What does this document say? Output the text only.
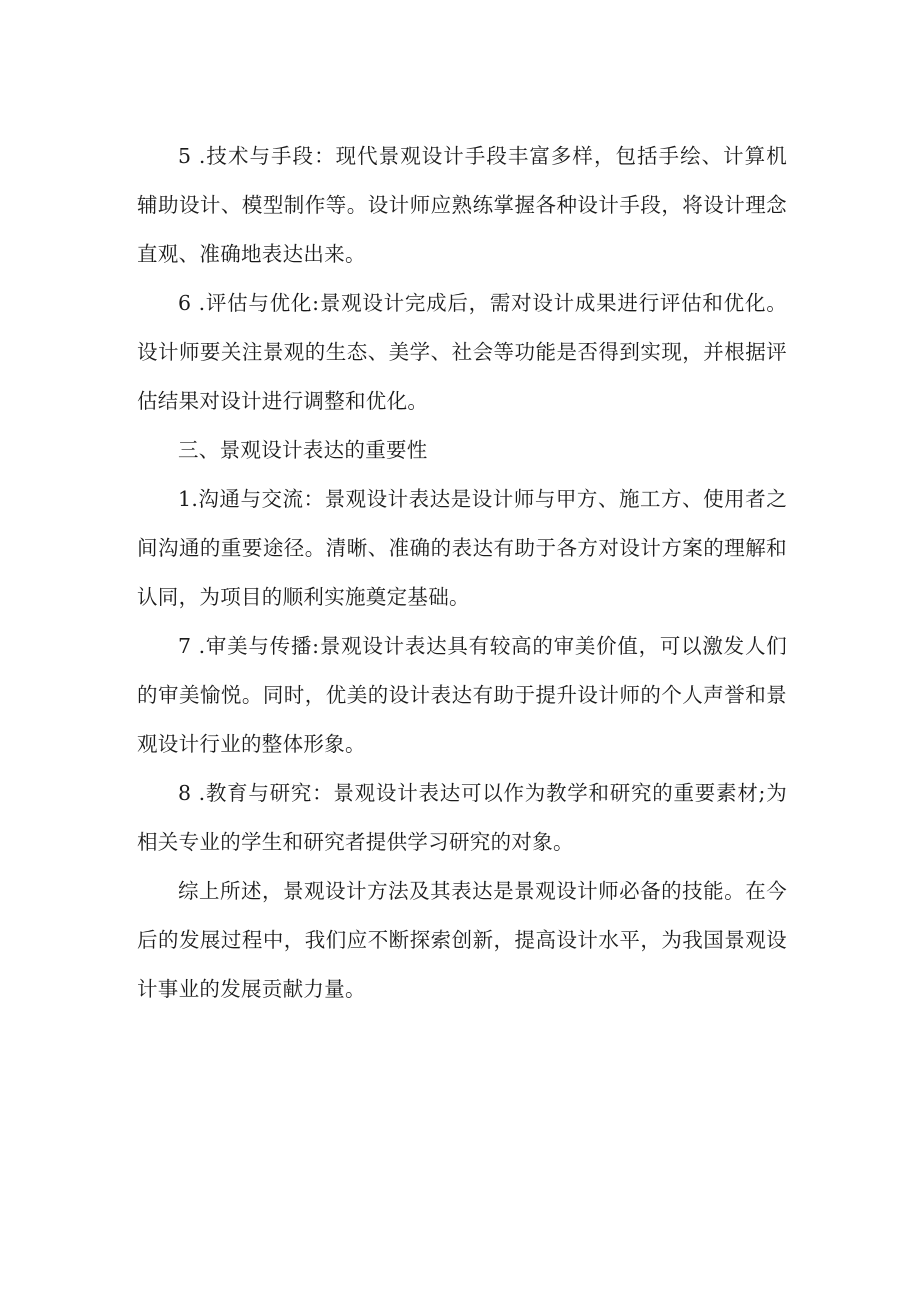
5 .技术与手段：现代景观设计手段丰富多样，包括手绘、计算机辅助设计、模型制作等。设计师应熟练掌握各种设计手段，将设计理念直观、准确地表达出来。

6 .评估与优化:景观设计完成后，需对设计成果进行评估和优化。设计师要关注景观的生态、美学、社会等功能是否得到实现，并根据评估结果对设计进行调整和优化。

三、景观设计表达的重要性

1.沟通与交流：景观设计表达是设计师与甲方、施工方、使用者之间沟通的重要途径。清晰、准确的表达有助于各方对设计方案的理解和认同，为项目的顺利实施奠定基础。

7 .审美与传播:景观设计表达具有较高的审美价值，可以激发人们的审美愉悦。同时，优美的设计表达有助于提升设计师的个人声誉和景观设计行业的整体形象。

8 .教育与研究：景观设计表达可以作为教学和研究的重要素材;为相关专业的学生和研究者提供学习研究的对象。

综上所述，景观设计方法及其表达是景观设计师必备的技能。在今后的发展过程中，我们应不断探索创新，提高设计水平，为我国景观设计事业的发展贡献力量。
